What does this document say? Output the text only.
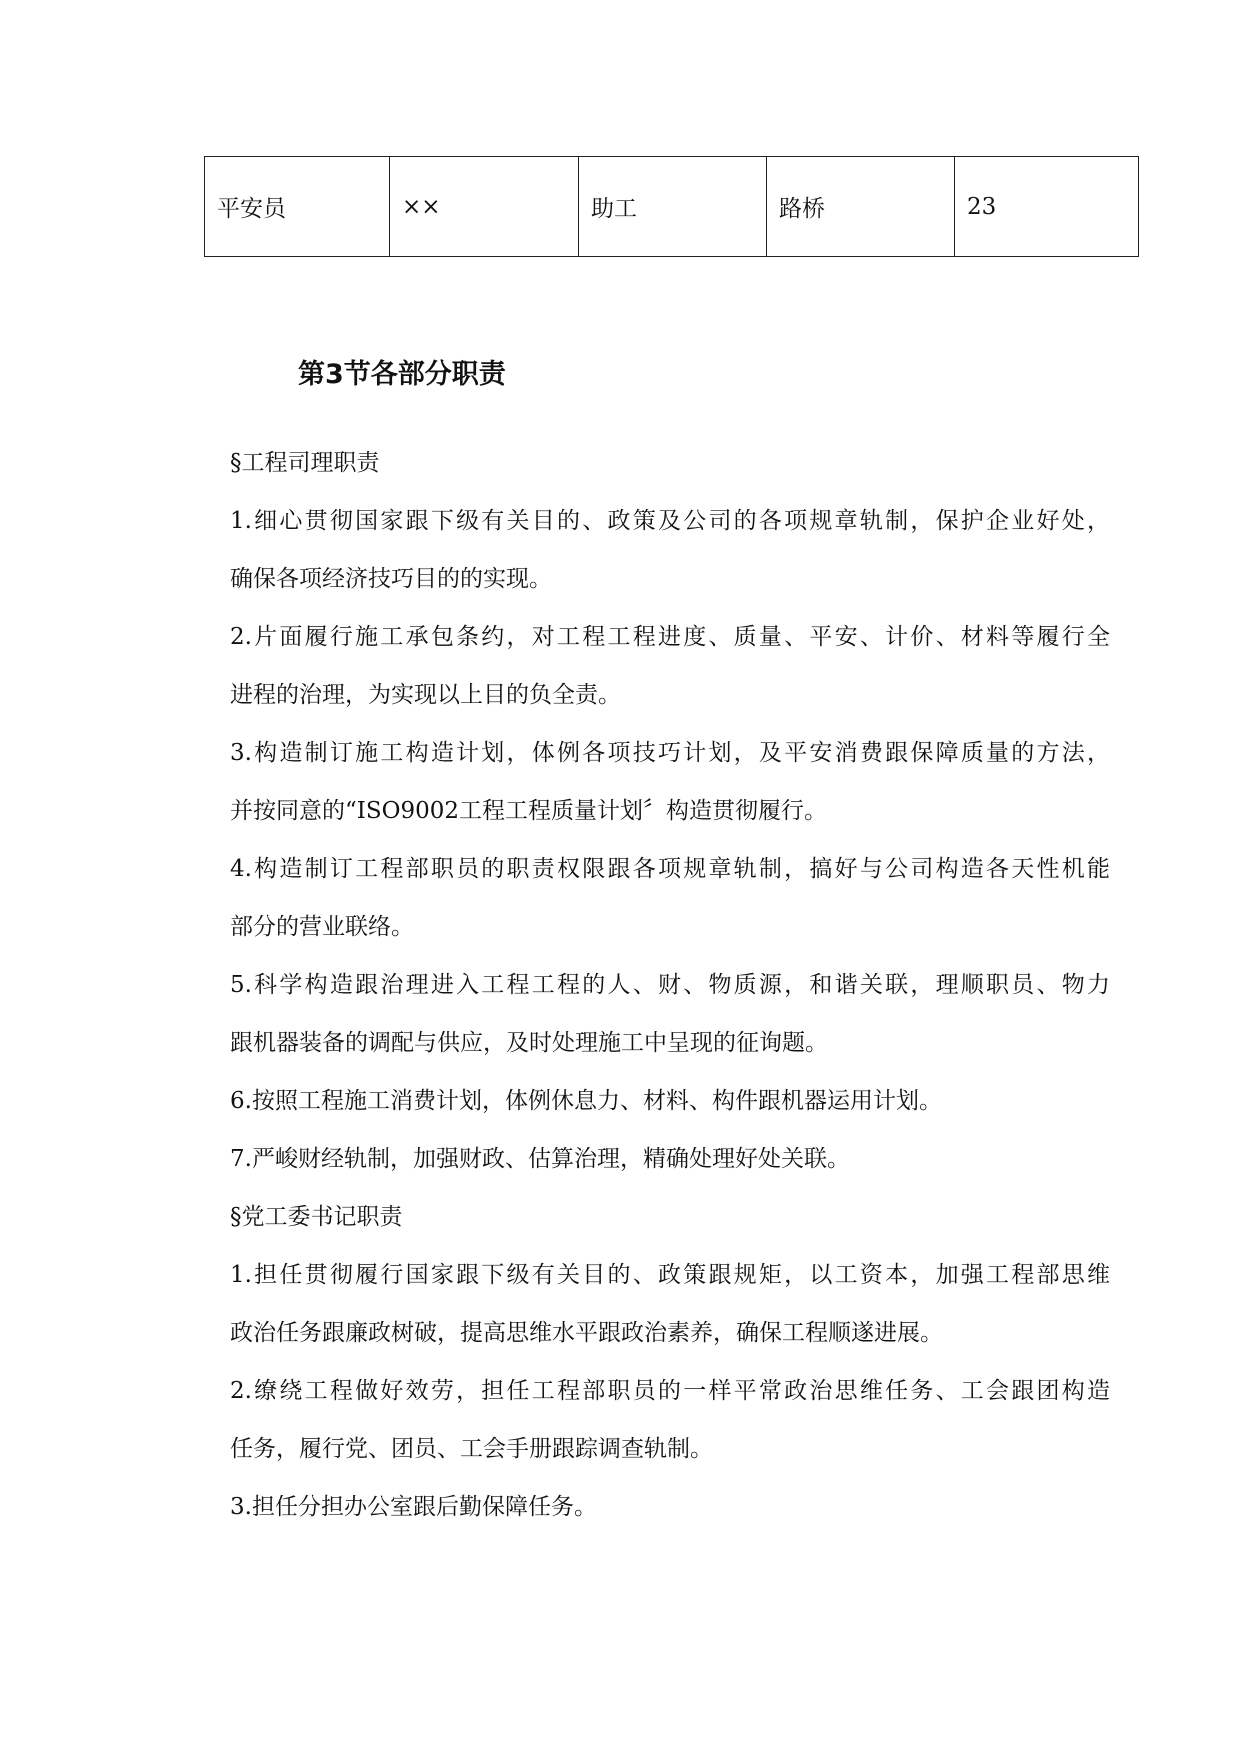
平安员	××	助工	路桥	23
第3节各部分职责
§工程司理职责
1.细心贯彻国家跟下级有关目的、政策及公司的各项规章轨制，保护企业好处，
确保各项经济技巧目的的实现。
2.片面履行施工承包条约，对工程工程进度、质量、平安、计价、材料等履行全
进程的治理，为实现以上目的负全责。
3.构造制订施工构造计划，体例各项技巧计划，及平安消费跟保障质量的方法，
并按同意的“ISO9002工程工程质量计划〞构造贯彻履行。
4.构造制订工程部职员的职责权限跟各项规章轨制，搞好与公司构造各天性机能
部分的营业联络。
5.科学构造跟治理进入工程工程的人、财、物质源，和谐关联，理顺职员、物力
跟机器装备的调配与供应，及时处理施工中呈现的征询题。
6.按照工程施工消费计划，体例休息力、材料、构件跟机器运用计划。
7.严峻财经轨制，加强财政、估算治理，精确处理好处关联。
§党工委书记职责
1.担任贯彻履行国家跟下级有关目的、政策跟规矩，以工资本，加强工程部思维
政治任务跟廉政树破，提高思维水平跟政治素养，确保工程顺遂进展。
2.缭绕工程做好效劳，担任工程部职员的一样平常政治思维任务、工会跟团构造
任务，履行党、团员、工会手册跟踪调查轨制。
3.担任分担办公室跟后勤保障任务。
